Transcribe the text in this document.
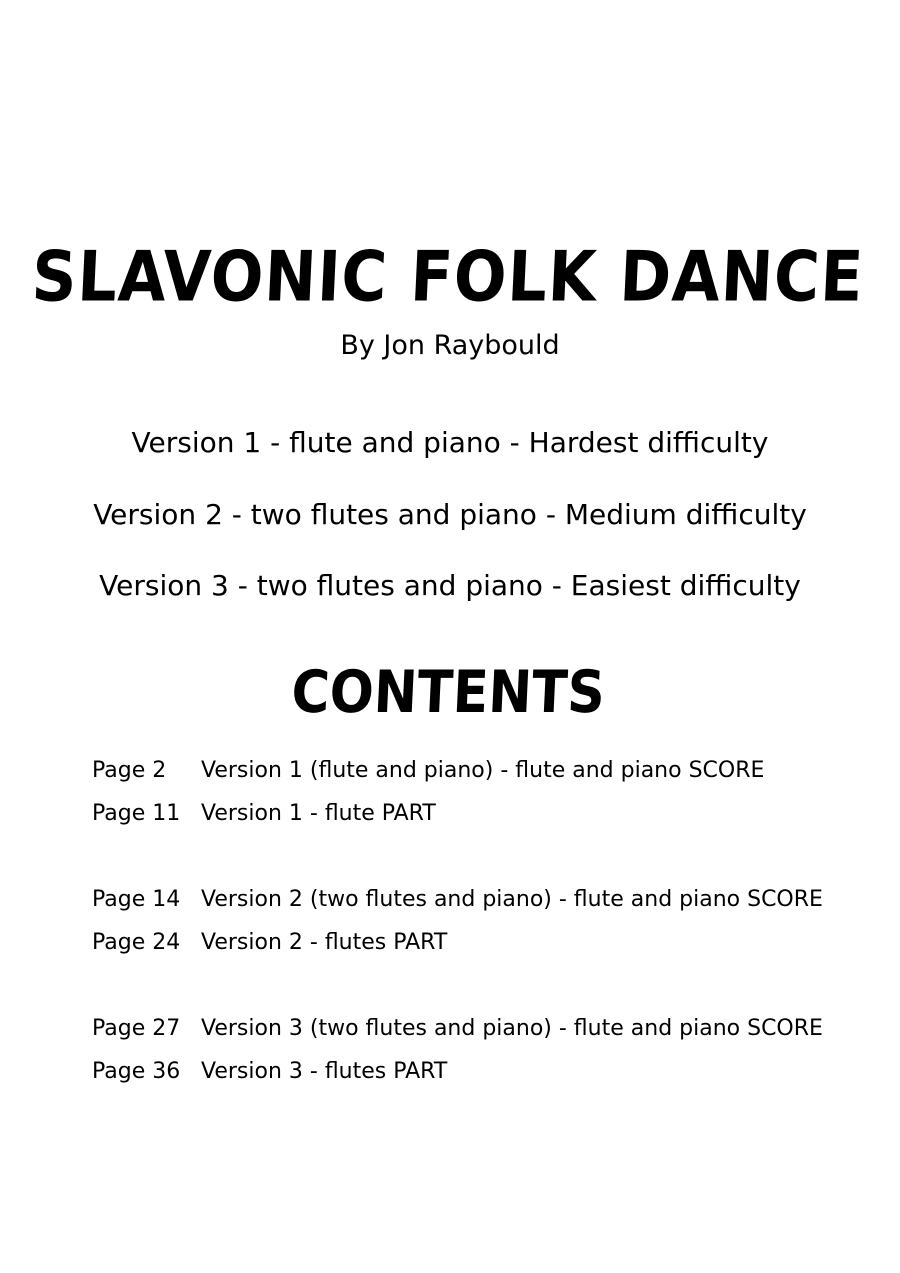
SLAVONIC FOLK DANCE
By Jon Raybould
Version 1 - flute and piano - Hardest difficulty
Version 2 - two flutes and piano - Medium difficulty
Version 3 - two flutes and piano - Easiest difficulty
CONTENTS
Page 2 Version 1 (flute and piano) - flute and piano SCORE
Page 11 Version 1 - flute PART
Page 14 Version 2 (two flutes and piano) - flute and piano SCORE
Page 24 Version 2 - flutes PART
Page 27 Version 3 (two flutes and piano) - flute and piano SCORE
Page 36 Version 3 - flutes PART
